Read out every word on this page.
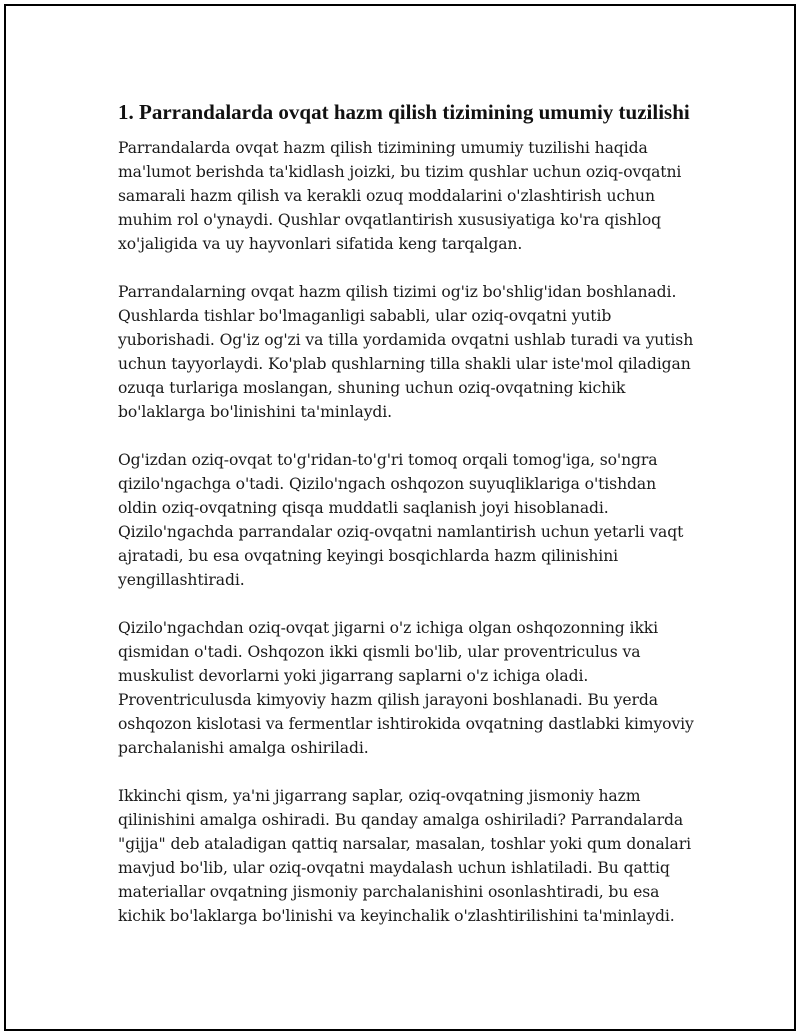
1. Parrandalarda ovqat hazm qilish tizimining umumiy tuzilishi

Parrandalarda ovqat hazm qilish tizimining umumiy tuzilishi haqida ma'lumot berishda ta'kidlash joizki, bu tizim qushlar uchun oziq-ovqatni samarali hazm qilish va kerakli ozuq moddalarini o'zlashtirish uchun muhim rol o'ynaydi. Qushlar ovqatlantirish xususiyatiga ko'ra qishloq xo'jaligida va uy hayvonlari sifatida keng tarqalgan.

Parrandalarning ovqat hazm qilish tizimi og'iz bo'shlig'idan boshlanadi. Qushlarda tishlar bo'lmaganligi sababli, ular oziq-ovqatni yutib yuborishadi. Og'iz og'zi va tilla yordamida ovqatni ushlab turadi va yutish uchun tayyorlaydi. Ko'plab qushlarning tilla shakli ular iste'mol qiladigan ozuqa turlariga moslangan, shuning uchun oziq-ovqatning kichik bo'laklarga bo'linishini ta'minlaydi.

Og'izdan oziq-ovqat to'g'ridan-to'g'ri tomoq orqali tomog'iga, so'ngra qizilo'ngachga o'tadi. Qizilo'ngach oshqozon suyuqliklariga o'tishdan oldin oziq-ovqatning qisqa muddatli saqlanish joyi hisoblanadi. Qizilo'ngachda parrandalar oziq-ovqatni namlantirish uchun yetarli vaqt ajratadi, bu esa ovqatning keyingi bosqichlarda hazm qilinishini yengillashtiradi.

Qizilo'ngachdan oziq-ovqat jigarni o'z ichiga olgan oshqozonning ikki qismidan o'tadi. Oshqozon ikki qismli bo'lib, ular proventriculus va muskulist devorlarni yoki jigarrang saplarni o'z ichiga oladi. Proventriculusda kimyoviy hazm qilish jarayoni boshlanadi. Bu yerda oshqozon kislotasi va fermentlar ishtirokida ovqatning dastlabki kimyoviy parchalanishi amalga oshiriladi.

Ikkinchi qism, ya'ni jigarrang saplar, oziq-ovqatning jismoniy hazm qilinishini amalga oshiradi. Bu qanday amalga oshiriladi? Parrandalarda "gijja" deb ataladigan qattiq narsalar, masalan, toshlar yoki qum donalari mavjud bo'lib, ular oziq-ovqatni maydalash uchun ishlatiladi. Bu qattiq materiallar ovqatning jismoniy parchalanishini osonlashtiradi, bu esa kichik bo'laklarga bo'linishi va keyinchalik o'zlashtirilishini ta'minlaydi.
